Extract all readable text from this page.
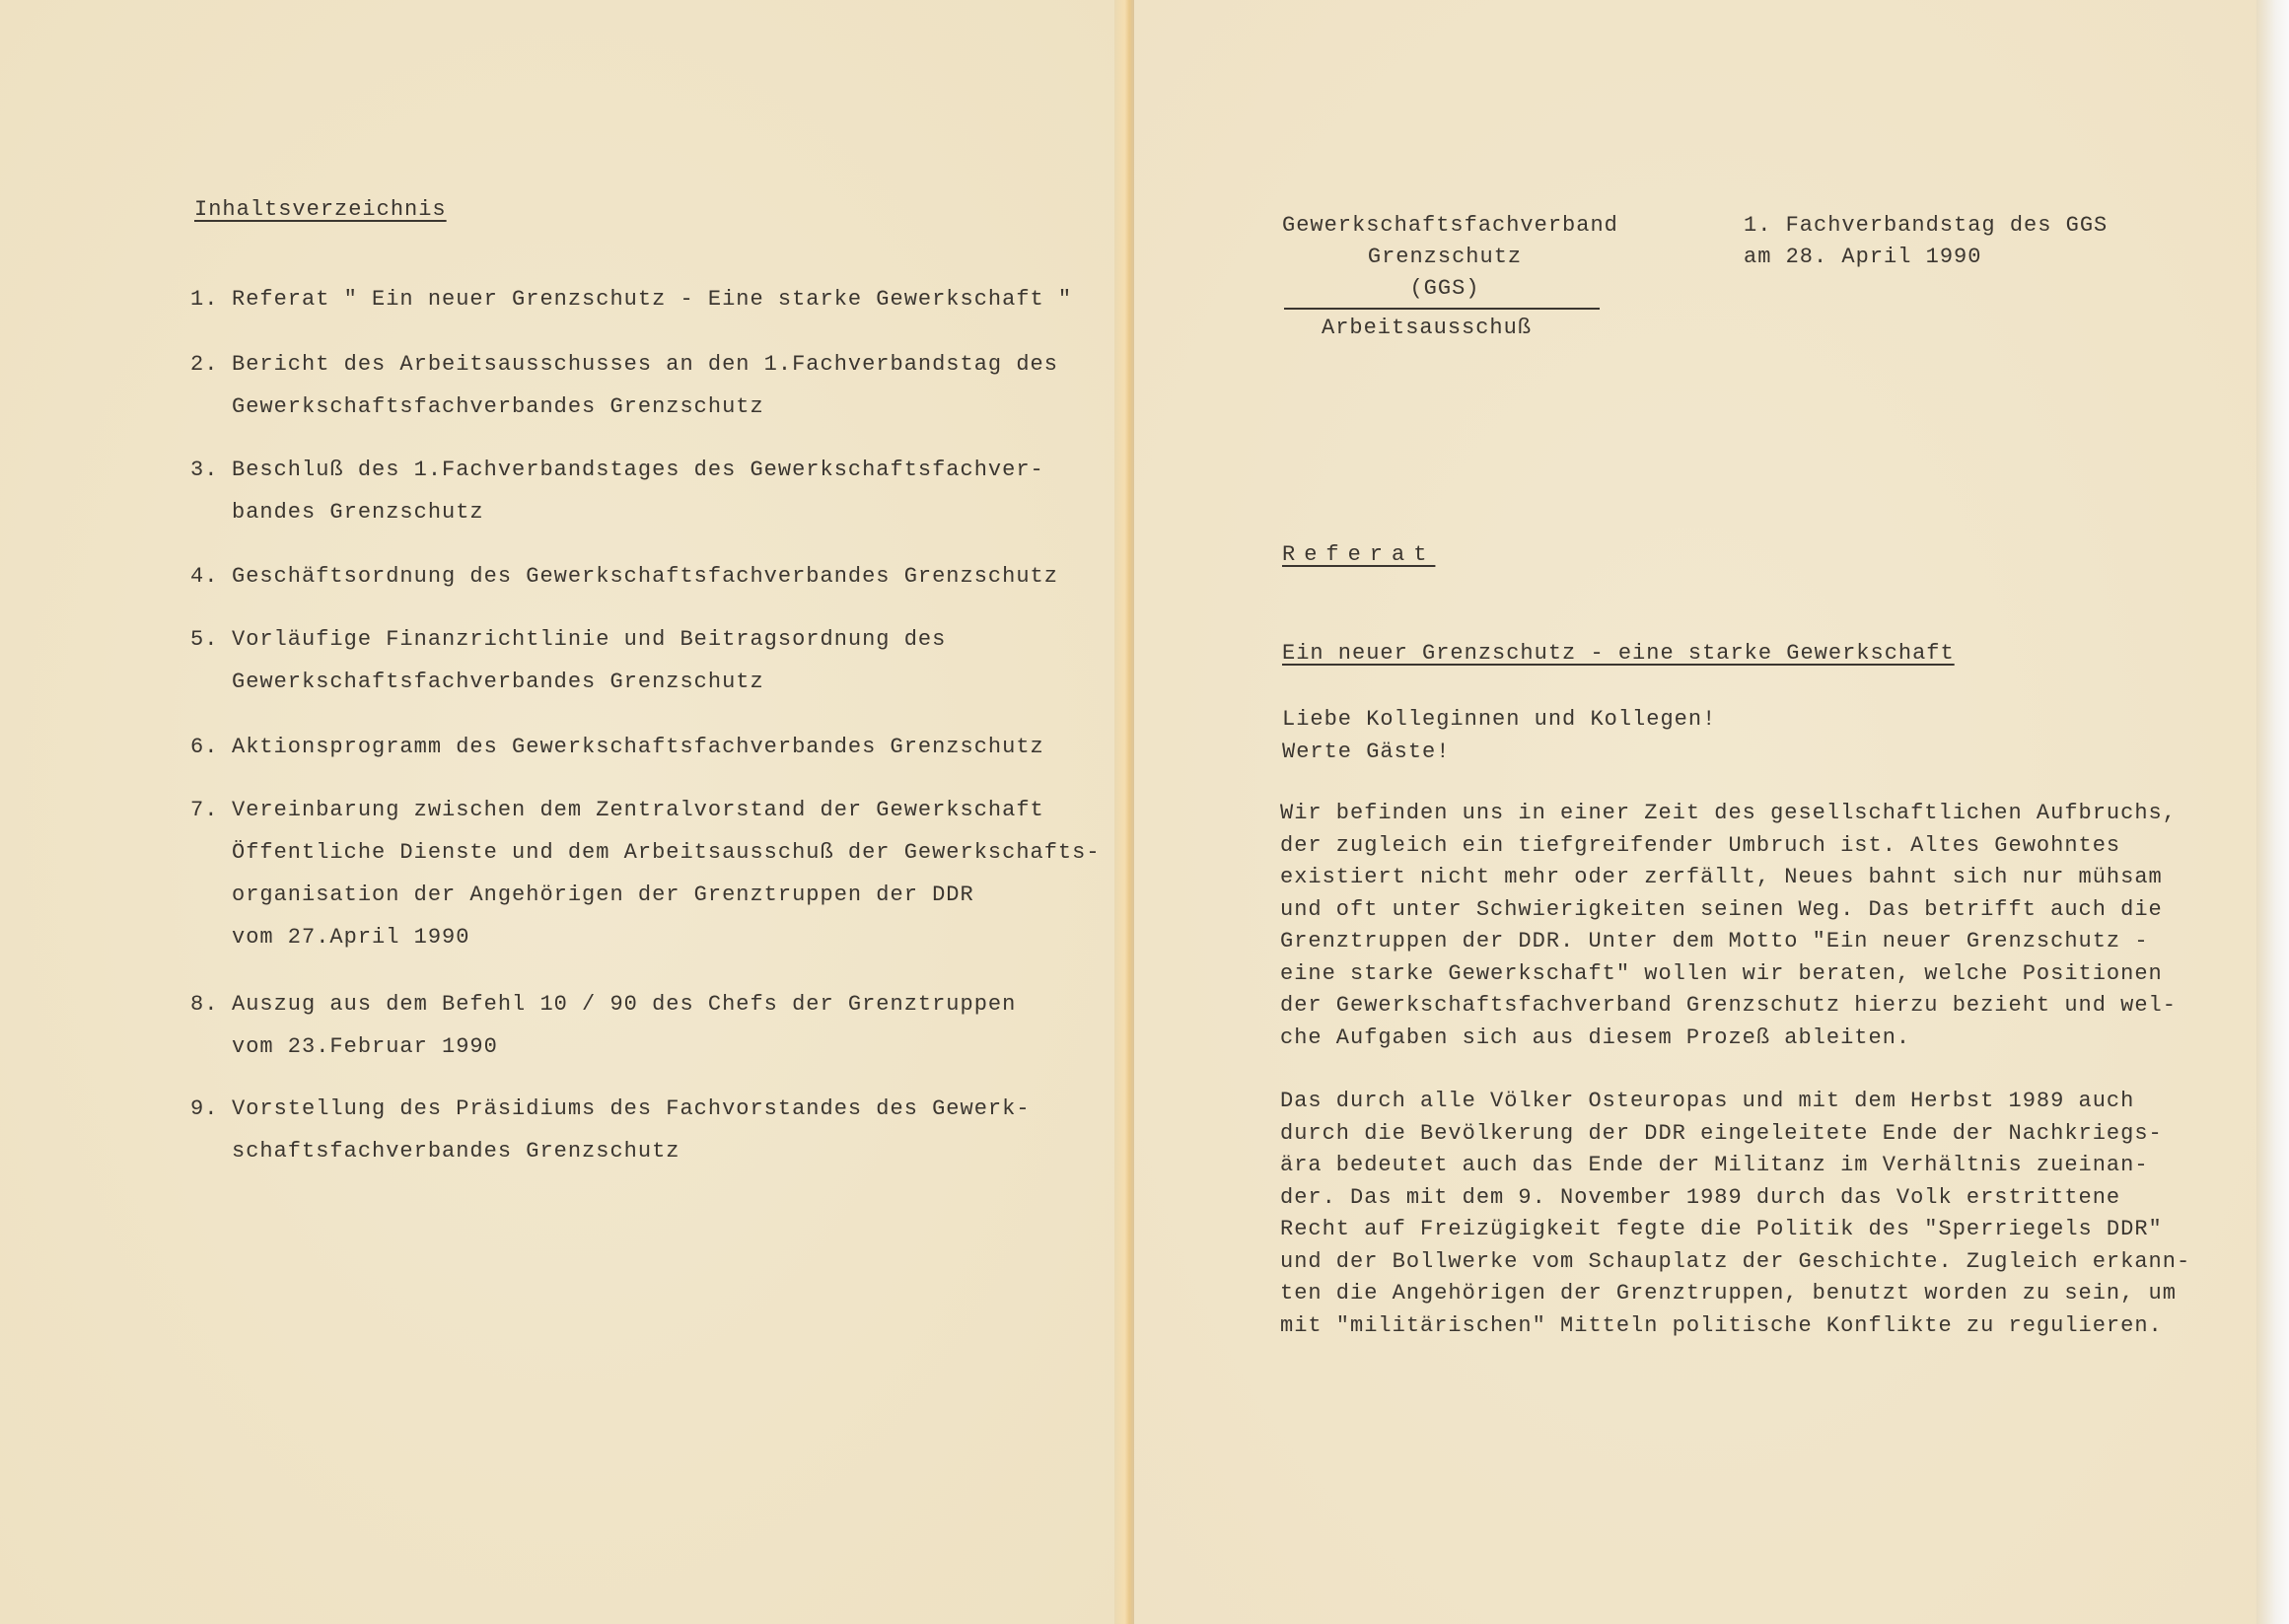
Inhaltsverzeichnis
1. Referat " Ein neuer Grenzschutz - Eine starke Gewerkschaft "
2. Bericht des Arbeitsausschusses an den 1.Fachverbandstag des
Gewerkschaftsfachverbandes Grenzschutz
3. Beschluß des 1.Fachverbandstages des Gewerkschaftsfachver-
bandes Grenzschutz
4. Geschäftsordnung des Gewerkschaftsfachverbandes Grenzschutz
5. Vorläufige Finanzrichtlinie und Beitragsordnung des
Gewerkschaftsfachverbandes Grenzschutz
6. Aktionsprogramm des Gewerkschaftsfachverbandes Grenzschutz
7. Vereinbarung zwischen dem Zentralvorstand der Gewerkschaft
Öffentliche Dienste und dem Arbeitsausschuß der Gewerkschafts-
organisation der Angehörigen der Grenztruppen der DDR
vom 27.April 1990
8. Auszug aus dem Befehl 10 / 90 des Chefs der Grenztruppen
vom 23.Februar 1990
9. Vorstellung des Präsidiums des Fachvorstandes des Gewerk-
schaftsfachverbandes Grenzschutz
Gewerkschaftsfachverband
Grenzschutz
(GGS)
Arbeitsausschuß
1. Fachverbandstag des GGS
am 28. April 1990
Referat
Ein neuer Grenzschutz - eine starke Gewerkschaft
Liebe Kolleginnen und Kollegen!
Werte Gäste!
Wir befinden uns in einer Zeit des gesellschaftlichen Aufbruchs,
der zugleich ein tiefgreifender Umbruch ist. Altes Gewohntes
existiert nicht mehr oder zerfällt, Neues bahnt sich nur mühsam
und oft unter Schwierigkeiten seinen Weg. Das betrifft auch die
Grenztruppen der DDR. Unter dem Motto "Ein neuer Grenzschutz -
eine starke Gewerkschaft" wollen wir beraten, welche Positionen
der Gewerkschaftsfachverband Grenzschutz hierzu bezieht und wel-
che Aufgaben sich aus diesem Prozeß ableiten.
Das durch alle Völker Osteuropas und mit dem Herbst 1989 auch
durch die Bevölkerung der DDR eingeleitete Ende der Nachkriegs-
ära bedeutet auch das Ende der Militanz im Verhältnis zueinan-
der. Das mit dem 9. November 1989 durch das Volk erstrittene
Recht auf Freizügigkeit fegte die Politik des "Sperriegels DDR"
und der Bollwerke vom Schauplatz der Geschichte. Zugleich erkann-
ten die Angehörigen der Grenztruppen, benutzt worden zu sein, um
mit "militärischen" Mitteln politische Konflikte zu regulieren.
